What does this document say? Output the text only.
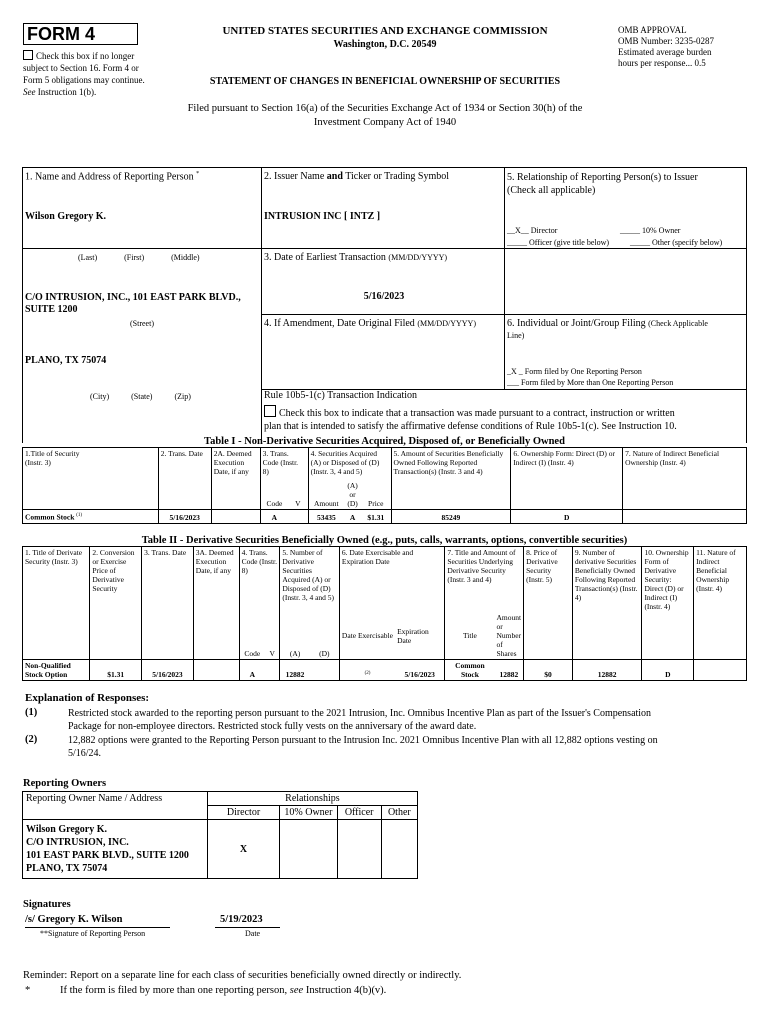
FORM 4
Check this box if no longer subject to Section 16. Form 4 or Form 5 obligations may continue. See Instruction 1(b).
UNITED STATES SECURITIES AND EXCHANGE COMMISSION
Washington, D.C. 20549
STATEMENT OF CHANGES IN BENEFICIAL OWNERSHIP OF SECURITIES
OMB APPROVAL
OMB Number: 3235-0287
Estimated average burden
hours per response... 0.5
Filed pursuant to Section 16(a) of the Securities Exchange Act of 1934 or Section 30(h) of the
Investment Company Act of 1940
1. Name and Address of Reporting Person *
Wilson Gregory K.
(Last)	(First)	(Middle)
C/O INTRUSION, INC., 101 EAST PARK BLVD., SUITE 1200
(Street)
PLANO, TX 75074
(City)	(State)	(Zip)
2. Issuer Name and Ticker or Trading Symbol
INTRUSION INC [ INTZ ]
3. Date of Earliest Transaction (MM/DD/YYYY)
5/16/2023
4. If Amendment, Date Original Filed (MM/DD/YYYY)
5. Relationship of Reporting Person(s) to Issuer
(Check all applicable)
__X__ Director	_____ 10% Owner
_____ Officer (give title below)	_____ Other (specify below)
6. Individual or Joint/Group Filing (Check Applicable
Line)
_X _ Form filed by One Reporting Person
___ Form filed by More than One Reporting Person
Rule 10b5-1(c) Transaction Indication
Check this box to indicate that a transaction was made pursuant to a contract, instruction or written
plan that is intended to satisfy the affirmative defense conditions of Rule 10b5-1(c). See Instruction 10.
Table I - Non-Derivative Securities Acquired, Disposed of, or Beneficially Owned
1.Title of Security
(Instr. 3)	2. Trans. Date	2A. Deemed Execution Date, if any	3. Trans. Code (Instr. 8)		4. Securities Acquired (A) or Disposed of (D) (Instr. 3, 4 and 5)			5. Amount of Securities Beneficially Owned Following Reported Transaction(s) (Instr. 3 and 4)	6. Ownership Form: Direct (D) or Indirect (I) (Instr. 4)	7. Nature of Indirect Beneficial Ownership (Instr. 4)
			Code	V	Amount	(A)
or
(D)	Price			
Common Stock $^{(1)}$	5/16/2023		A		53435	A	$1.31	85249	D	
Table II - Derivative Securities Beneficially Owned (e.g., puts, calls, warrants, options, convertible securities)
1. Title of Derivate Security (Instr. 3)	2. Conversion or Exercise Price of Derivative Security	3. Trans. Date	3A. Deemed Execution Date, if any	4. Trans. Code (Instr. 8)		5. Number of Derivative Securities Acquired (A) or Disposed of (D) (Instr. 3, 4 and 5)		6. Date Exercisable and Expiration Date		7. Title and Amount of Securities Underlying Derivative Security (Instr. 3 and 4)		8. Price of Derivative Security (Instr. 5)	9. Number of derivative Securities Beneficially Owned Following Reported Transaction(s) (Instr. 4)	10. Ownership Form of Derivative Security: Direct (D) or Indirect (I) (Instr. 4)	11. Nature of Indirect Beneficial Ownership (Instr. 4)
				Code	V	(A)	(D)	Date Exercisable	Expiration Date	Title	Amount or Number of Shares				
Non-Qualified Stock Option	$1.31	5/16/2023		A		12882		$^{(2)}$	5/16/2023	Common Stock	12882	$0	12882	D	
Explanation of Responses:
(1)	Restricted stock awarded to the reporting person pursuant to the 2021 Intrusion, Inc. Omnibus Incentive Plan as part of the Issuer's Compensation
Package for non-employee directors. Restricted stock fully vests on the anniversary of the award date.
(2)	12,882 options were granted to the Reporting Person pursuant to the Intrusion Inc. 2021 Omnibus Incentive Plan with all 12,882 options vesting on
5/16/24.
Reporting Owners
Reporting Owner Name / Address	Relationships			
	Director	10% Owner	Officer	Other

Wilson Gregory K.
C/O INTRUSION, INC.
101 EAST PARK BLVD., SUITE 1200
PLANO, TX 75074	X			
Signatures
/s/ Gregory K. Wilson	5/19/2023
**Signature of Reporting Person	Date
Reminder: Report on a separate line for each class of securities beneficially owned directly or indirectly.
*	If the form is filed by more than one reporting person, see Instruction 4(b)(v).
